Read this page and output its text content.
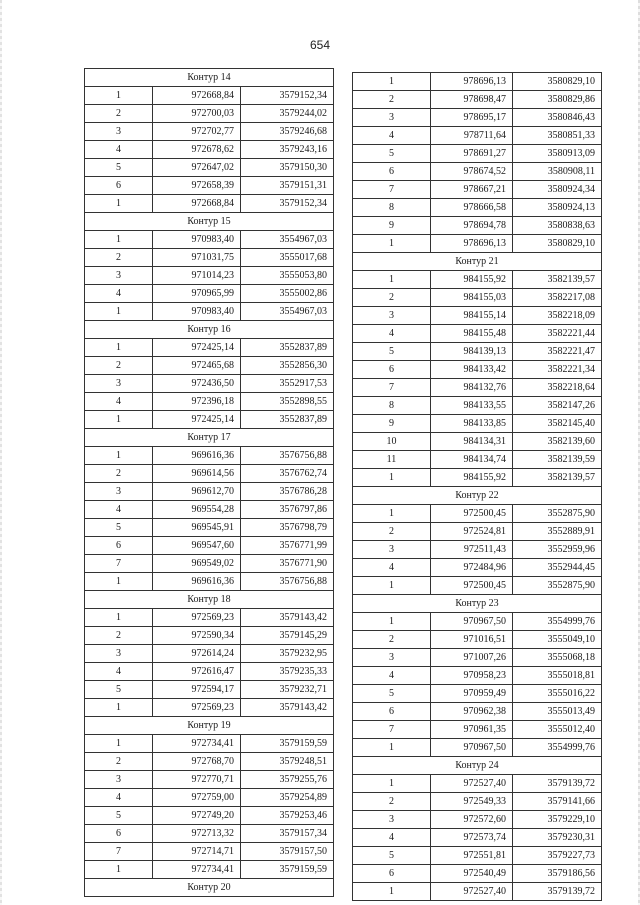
654
Контур 14		
1	972668,84	3579152,34
2	972700,03	3579244,02
3	972702,77	3579246,68
4	972678,62	3579243,16
5	972647,02	3579150,30
6	972658,39	3579151,31
1	972668,84	3579152,34
Контур 15		
1	970983,40	3554967,03
2	971031,75	3555017,68
3	971014,23	3555053,80
4	970965,99	3555002,86
1	970983,40	3554967,03
Контур 16		
1	972425,14	3552837,89
2	972465,68	3552856,30
3	972436,50	3552917,53
4	972396,18	3552898,55
1	972425,14	3552837,89
Контур 17		
1	969616,36	3576756,88
2	969614,56	3576762,74
3	969612,70	3576786,28
4	969554,28	3576797,86
5	969545,91	3576798,79
6	969547,60	3576771,99
7	969549,02	3576771,90
1	969616,36	3576756,88
Контур 18		
1	972569,23	3579143,42
2	972590,34	3579145,29
3	972614,24	3579232,95
4	972616,47	3579235,33
5	972594,17	3579232,71
1	972569,23	3579143,42
Контур 19		
1	972734,41	3579159,59
2	972768,70	3579248,51
3	972770,71	3579255,76
4	972759,00	3579254,89
5	972749,20	3579253,46
6	972713,32	3579157,34
7	972714,71	3579157,50
1	972734,41	3579159,59
Контур 20		
1	978696,13	3580829,10
2	978698,47	3580829,86
3	978695,17	3580846,43
4	978711,64	3580851,33
5	978691,27	3580913,09
6	978674,52	3580908,11
7	978667,21	3580924,34
8	978666,58	3580924,13
9	978694,78	3580838,63
1	978696,13	3580829,10
Контур 21		
1	984155,92	3582139,57
2	984155,03	3582217,08
3	984155,14	3582218,09
4	984155,48	3582221,44
5	984139,13	3582221,47
6	984133,42	3582221,34
7	984132,76	3582218,64
8	984133,55	3582147,26
9	984133,85	3582145,40
10	984134,31	3582139,60
11	984134,74	3582139,59
1	984155,92	3582139,57
Контур 22		
1	972500,45	3552875,90
2	972524,81	3552889,91
3	972511,43	3552959,96
4	972484,96	3552944,45
1	972500,45	3552875,90
Контур 23		
1	970967,50	3554999,76
2	971016,51	3555049,10
3	971007,26	3555068,18
4	970958,23	3555018,81
5	970959,49	3555016,22
6	970962,38	3555013,49
7	970961,35	3555012,40
1	970967,50	3554999,76
Контур 24		
1	972527,40	3579139,72
2	972549,33	3579141,66
3	972572,60	3579229,10
4	972573,74	3579230,31
5	972551,81	3579227,73
6	972540,49	3579186,56
1	972527,40	3579139,72
